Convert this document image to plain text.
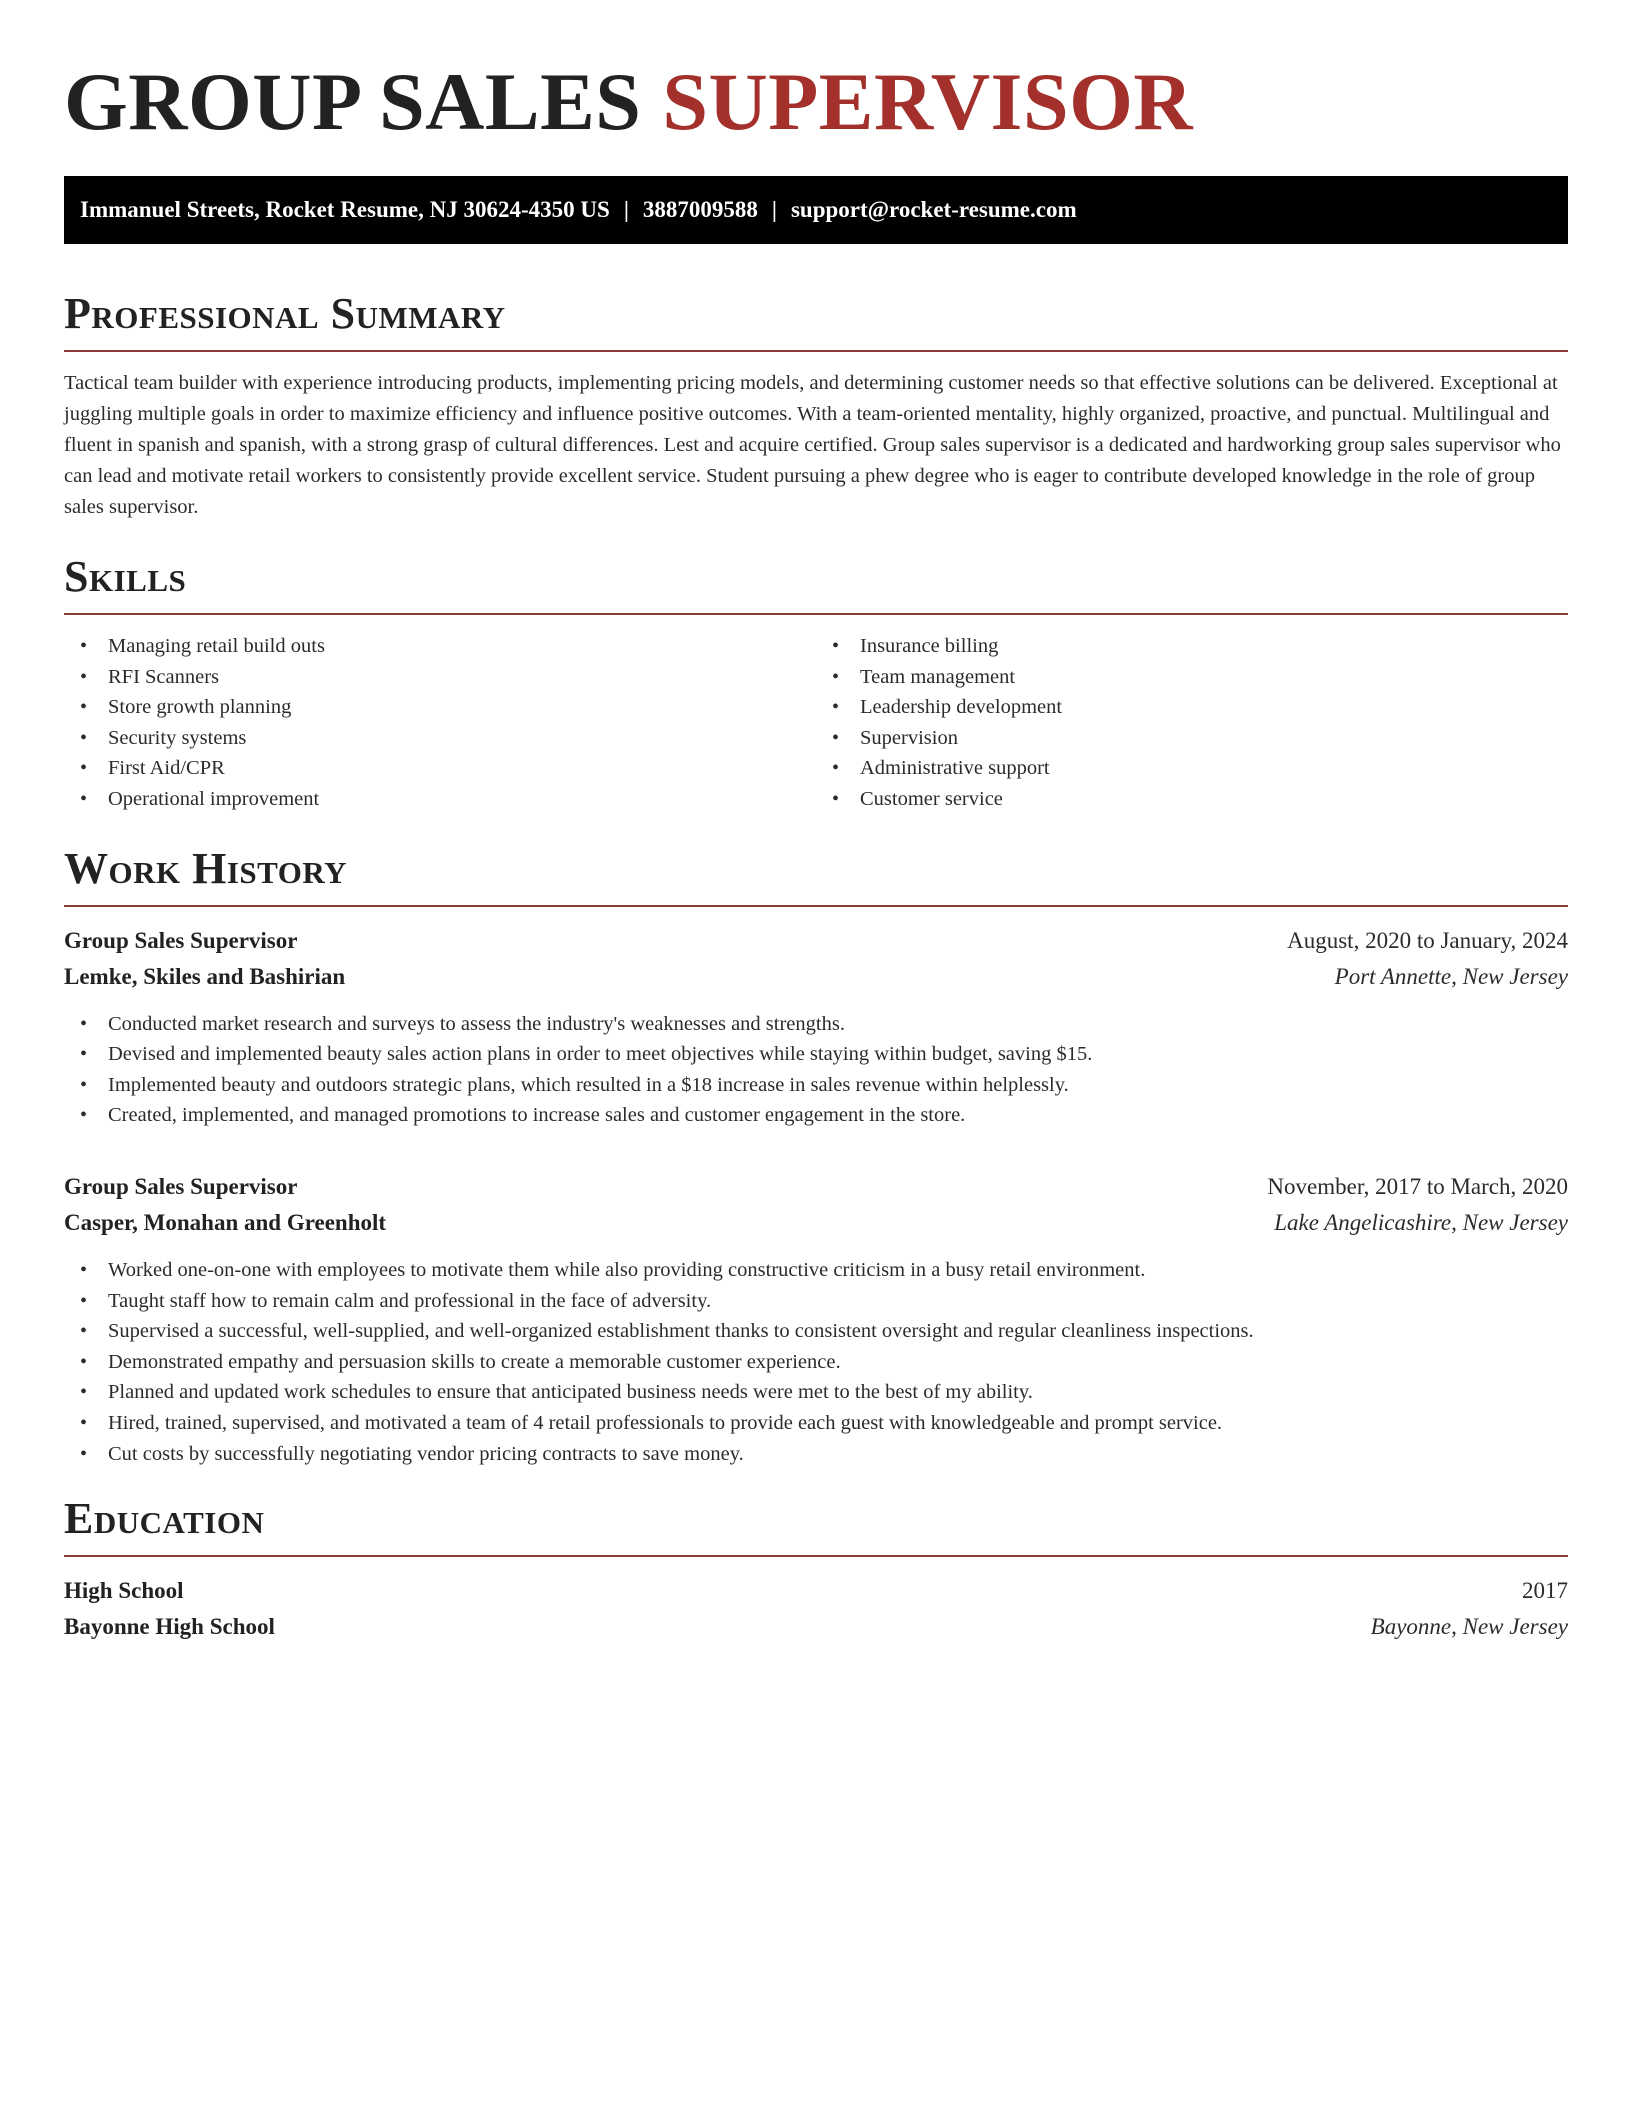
GROUP SALES SUPERVISOR
Immanuel Streets, Rocket Resume, NJ 30624-4350 US | 3887009588 | support@rocket-resume.com
Professional Summary

Tactical team builder with experience introducing products, implementing pricing models, and determining customer needs so that effective solutions can be delivered. Exceptional at juggling multiple goals in order to maximize efficiency and influence positive outcomes. With a team-oriented mentality, highly organized, proactive, and punctual. Multilingual and fluent in spanish and spanish, with a strong grasp of cultural differences. Lest and acquire certified. Group sales supervisor is a dedicated and hardworking group sales supervisor who can lead and motivate retail workers to consistently provide excellent service. Student pursuing a phew degree who is eager to contribute developed knowledge in the role of group sales supervisor.

Skills
• Managing retail build outs
• RFI Scanners
• Store growth planning
• Security systems
• First Aid/CPR
• Operational improvement
• Insurance billing
• Team management
• Leadership development
• Supervision
• Administrative support
• Customer service
Work History
Group Sales Supervisor	August, 2020 to January, 2024
Lemke, Skiles and Bashirian	Port Annette, New Jersey
• Conducted market research and surveys to assess the industry's weaknesses and strengths.
• Devised and implemented beauty sales action plans in order to meet objectives while staying within budget, saving $15.
• Implemented beauty and outdoors strategic plans, which resulted in a $18 increase in sales revenue within helplessly.
• Created, implemented, and managed promotions to increase sales and customer engagement in the store.
Group Sales Supervisor	November, 2017 to March, 2020
Casper, Monahan and Greenholt	Lake Angelicashire, New Jersey
• Worked one-on-one with employees to motivate them while also providing constructive criticism in a busy retail environment.
• Taught staff how to remain calm and professional in the face of adversity.
• Supervised a successful, well-supplied, and well-organized establishment thanks to consistent oversight and regular cleanliness inspections.
• Demonstrated empathy and persuasion skills to create a memorable customer experience.
• Planned and updated work schedules to ensure that anticipated business needs were met to the best of my ability.
• Hired, trained, supervised, and motivated a team of 4 retail professionals to provide each guest with knowledgeable and prompt service.
• Cut costs by successfully negotiating vendor pricing contracts to save money.
Education
High School	2017
Bayonne High School	Bayonne, New Jersey
